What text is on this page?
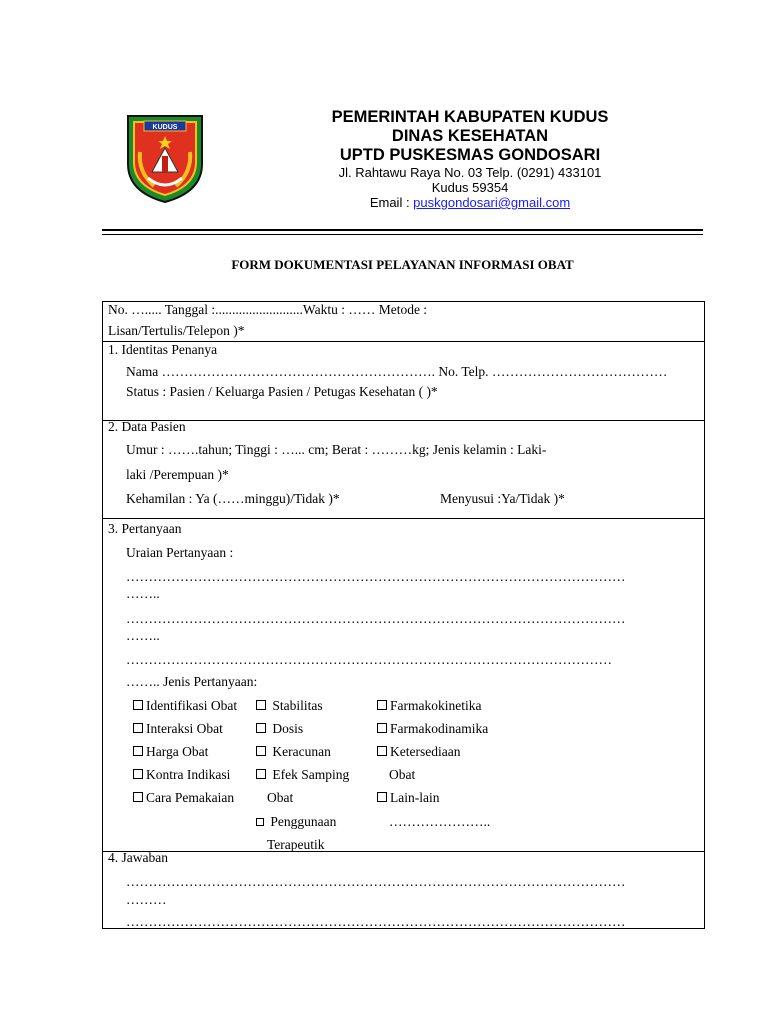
KUDUS
PEMERINTAH KABUPATEN KUDUS
DINAS KESEHATAN
UPTD PUSKESMAS GONDOSARI
Jl. Rahtawu Raya No. 03 Telp. (0291) 433101
Kudus 59354
Email : puskgondosari@gmail.com
FORM DOKUMENTASI PELAYANAN INFORMASI OBAT
No. …..... Tanggal :..........................Waktu : …… Metode :
Lisan/Tertulis/Telepon )*
1. Identitas Penanya
Nama ……………………………………………………. No. Telp. …………………………………
Status : Pasien / Keluarga Pasien / Petugas Kesehatan ( )*
2. Data Pasien
Umur : …….tahun; Tinggi : …... cm; Berat : ………kg; Jenis kelamin : Laki-
laki /Perempuan )*
Kehamilan : Ya (……minggu)/Tidak )*	Menyusui :Ya/Tidak )*
3. Pertanyaan
Uraian Pertanyaan :
…………………………………………………………………………………………………
……..
…………………………………………………………………………………………………
……..
………………………………………………………………………………………………
…….. Jenis Pertanyaan:
Identifikasi Obat
Interaksi Obat
Harga Obat
Kontra Indikasi
Cara Pemakaian
Stabilitas
Dosis
Keracunan
Efek Samping
Obat
Penggunaan
Terapeutik
Farmakokinetika
Farmakodinamika
Ketersediaan
Obat
Lain-lain
…………………..
4. Jawaban
…………………………………………………………………………………………………
………
…………………………………………………………………………………………………
